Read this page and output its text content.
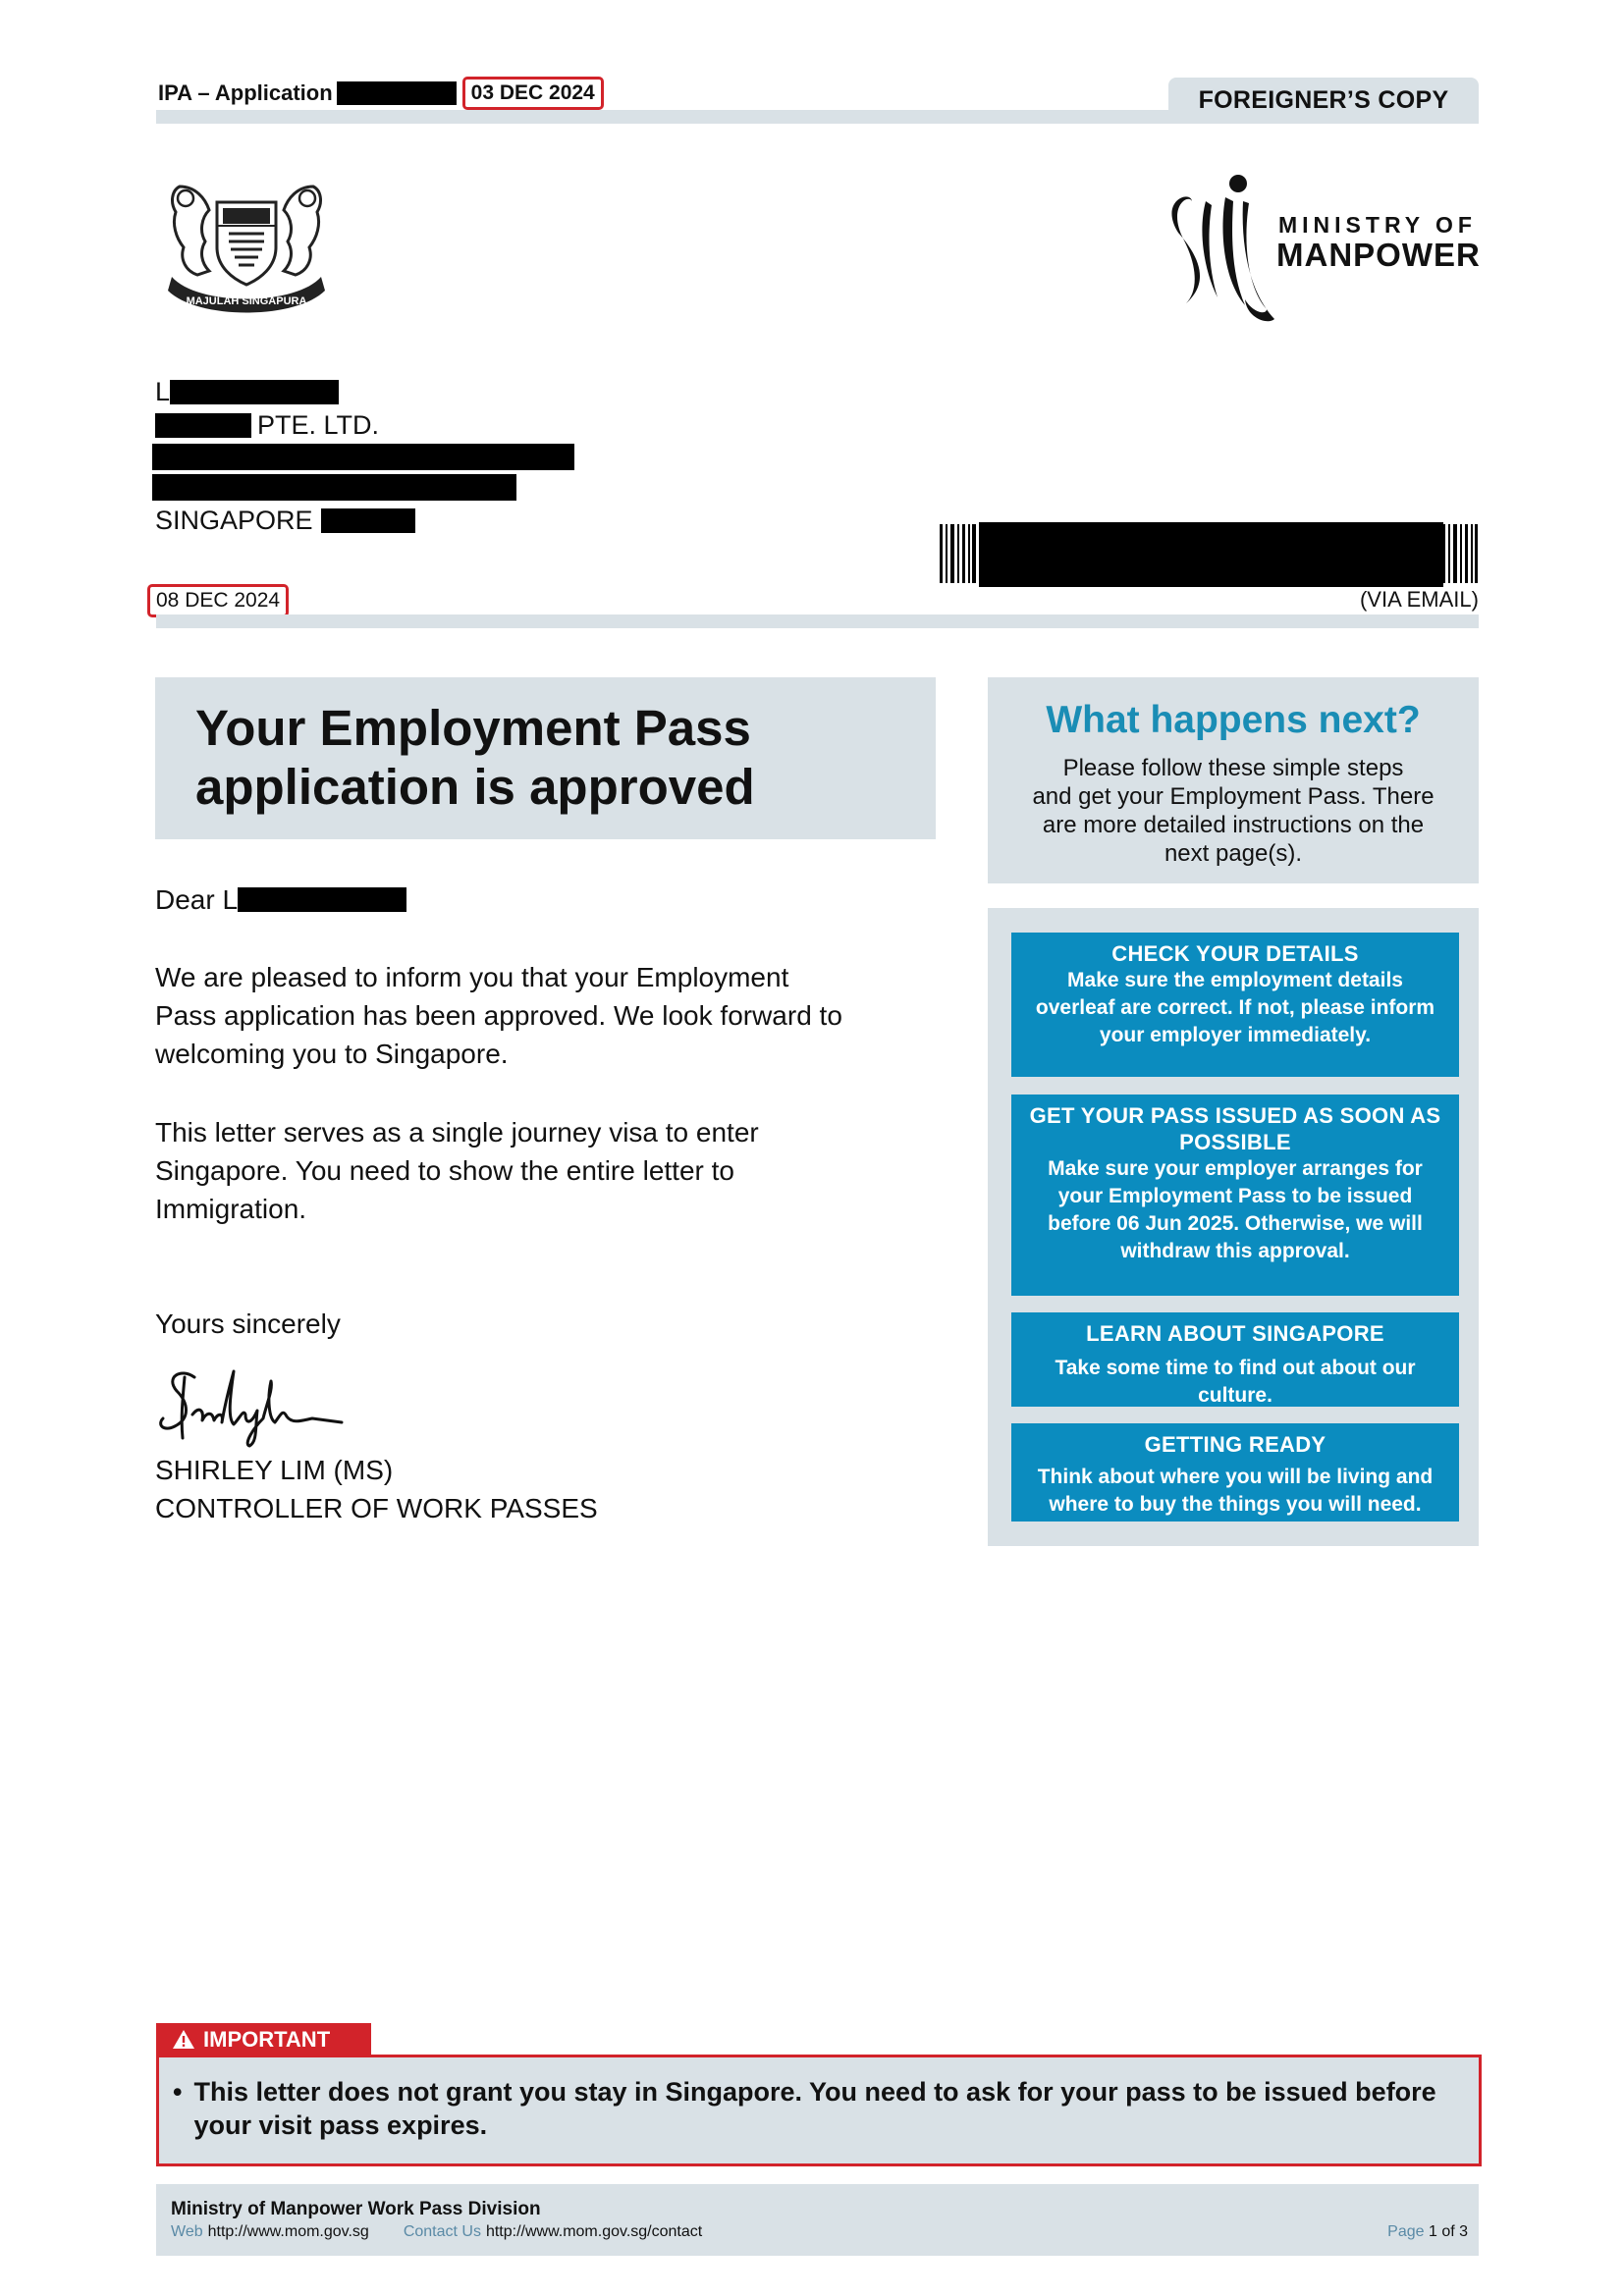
IPA – Application	03 DEC 2024	FOREIGNER’S COPY
MAJULAH SINGAPURA
MINISTRY OF
MANPOWER
L
PTE. LTD.
SINGAPORE
(VIA EMAIL)
08 DEC 2024
Your Employment Pass
application is approved
Dear L
We are pleased to inform you that your Employment
Pass application has been approved. We look forward to
welcoming you to Singapore.
This letter serves as a single journey visa to enter
Singapore. You need to show the entire letter to
Immigration.
Yours sincerely
SHIRLEY LIM (MS)
CONTROLLER OF WORK PASSES
What happens next?
Please follow these simple steps
and get your Employment Pass. There
are more detailed instructions on the
next page(s).
CHECK YOUR DETAILS
Make sure the employment details overleaf are correct. If not, please inform your employer immediately.
GET YOUR PASS ISSUED AS SOON AS POSSIBLE
Make sure your employer arranges for your Employment Pass to be issued before 06 Jun 2025. Otherwise, we will withdraw this approval.
LEARN ABOUT SINGAPORE
Take some time to find out about our culture.
GETTING READY
Think about where you will be living and where to buy the things you will need.
IMPORTANT
• This letter does not grant you stay in Singapore. You need to ask for your pass to be issued before your visit pass expires.
Ministry of Manpower Work Pass Division
Web http://www.mom.gov.sg Contact Us http://www.mom.gov.sg/contact	Page 1 of 3
